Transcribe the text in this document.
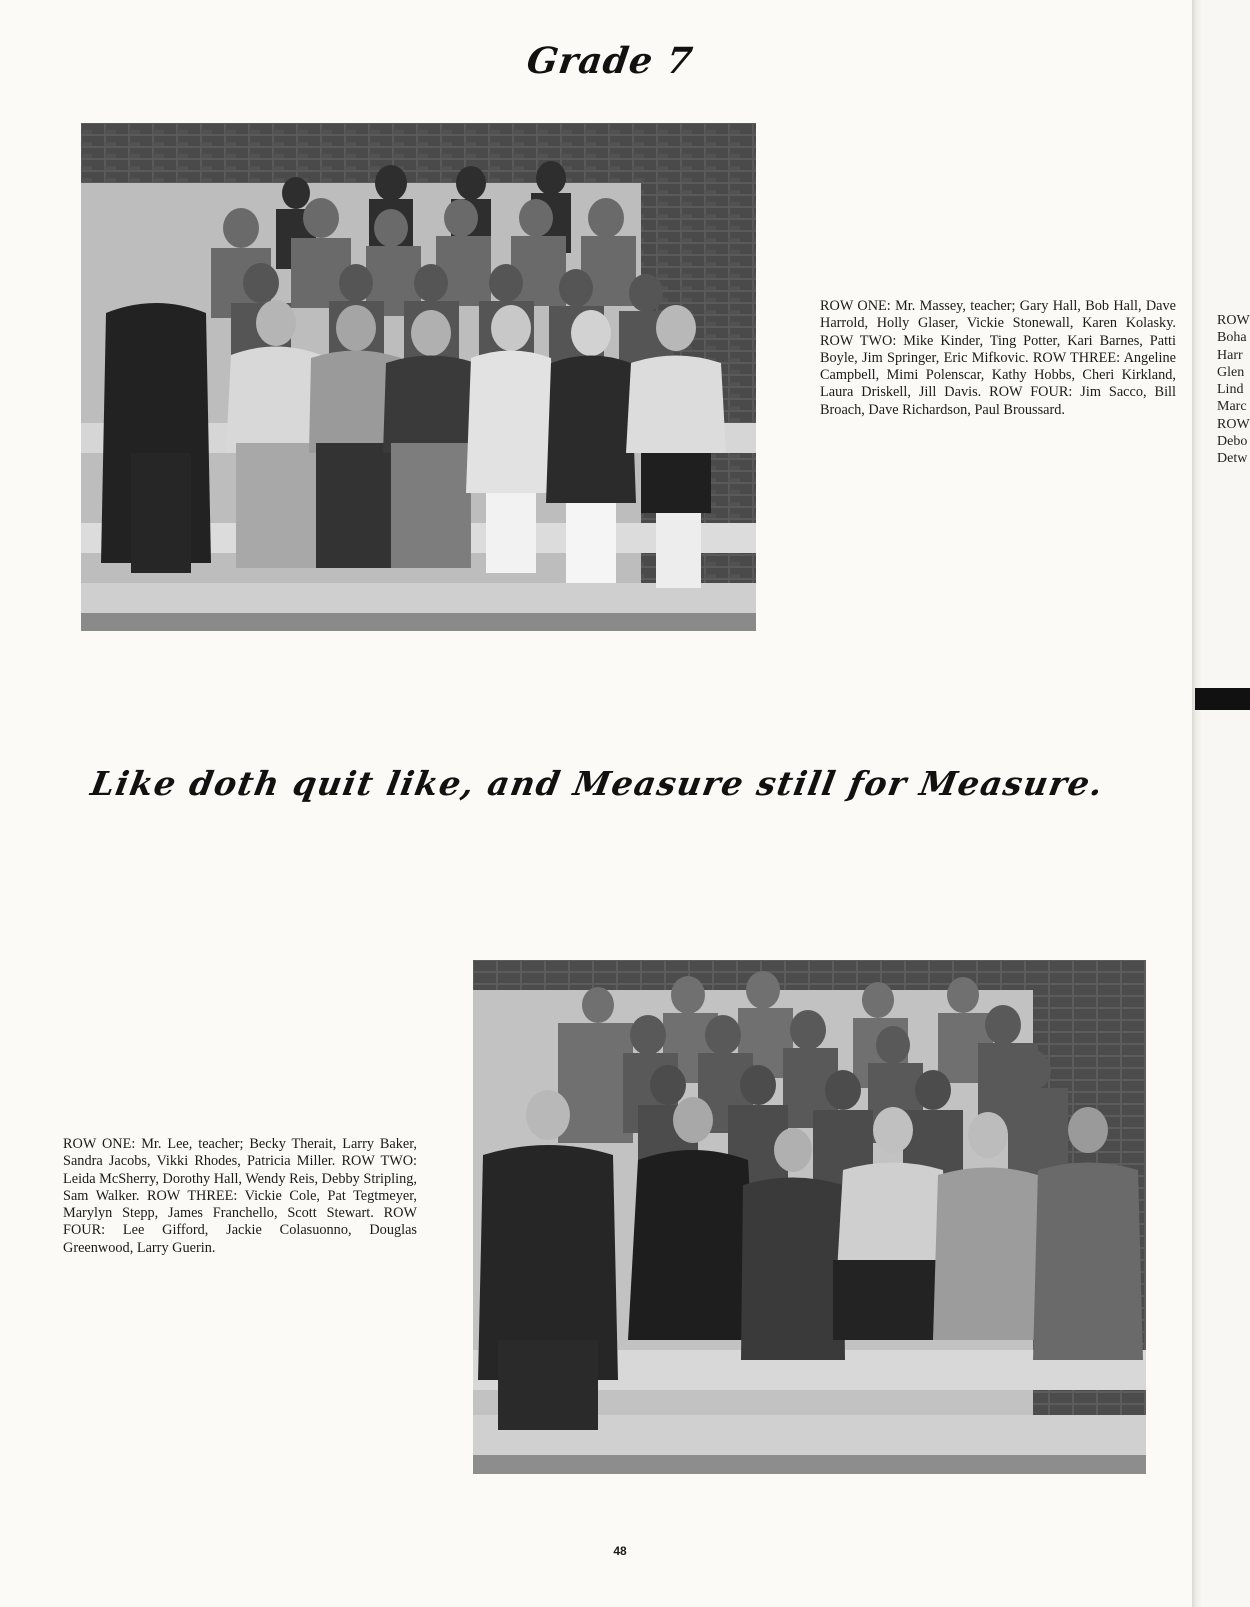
Grade 7
ROW ONE: Mr. Massey, teacher; Gary Hall, Bob Hall, Dave Harrold, Holly Glaser, Vickie Stonewall, Karen Kolasky. ROW TWO: Mike Kinder, Ting Potter, Kari Barnes, Patti Boyle, Jim Springer, Eric Mifkovic. ROW THREE: Angeline Campbell, Mimi Polenscar, Kathy Hobbs, Cheri Kirkland, Laura Driskell, Jill Davis. ROW FOUR: Jim Sacco, Bill Broach, Dave Richardson, Paul Broussard.
Like doth quit like, and Measure still for Measure.
ROW ONE: Mr. Lee, teacher; Becky Therait, Larry Baker, Sandra Jacobs, Vikki Rhodes, Patricia Miller. ROW TWO: Leida McSherry, Dorothy Hall, Wendy Reis, Debby Stripling, Sam Walker. ROW THREE: Vickie Cole, Pat Tegtmeyer, Marylyn Stepp, James Franchello, Scott Stewart. ROW FOUR: Lee Gifford, Jackie Colasuonno, Douglas Greenwood, Larry Guerin.
48
ROW
Boha
Harr
Glen
Lind
Marc
ROW
Debo
Detw
